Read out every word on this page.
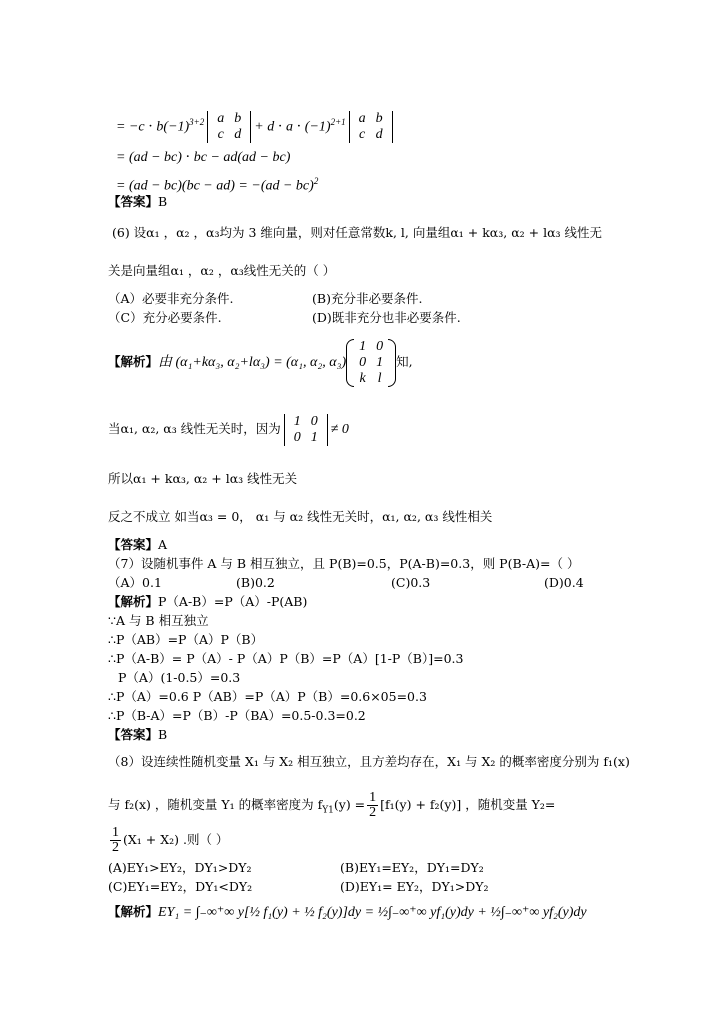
= $-c \cdot b(-1)^{3+2}$ a	b
c	d
+ $d \cdot a \cdot (-1)^{2+1}$ a	b
c	d
= (ad − bc) ⋅ bc − ad(ad − bc)
= (ad − bc)(bc − ad) = −(ad − bc)$^2$
【答案】B
(6) 设α₁ ，α₂ ，α₃均为 3 维向量，则对任意常数k, l, 向量组α₁ + kα₃, α₂ + lα₃ 线性无
关是向量组α₁ ，α₂ ，α₃线性无关的（ ）
（A）必要非充分条件.	(B)充分非必要条件.
（C）充分必要条件.	(D)既非充分也非必要条件.
【解析】由 (α₁+kα₃, α₂+lα₃) = (α₁, α₂, α₃)
1	0
0	1
k	l
知,
当α₁, α₂, α₃ 线性无关时，因为 1	0
0	1 ≠ 0
所以α₁ + kα₃, α₂ + lα₃ 线性无关
反之不成立 如当α₃ = 0， α₁ 与 α₂ 线性无关时，α₁, α₂, α₃ 线性相关
【答案】A
（7）设随机事件 A 与 B 相互独立，且 P(B)=0.5，P(A-B)=0.3，则 P(B-A)=（ ）
（A）0.1	(B)0.2	(C)0.3	(D)0.4
【解析】P（A-B）=P（A）-P(AB)
∵A 与 B 相互独立
∴P（AB）=P（A）P（B）
∴P（A-B）= P（A）- P（A）P（B）=P（A）[1-P（B）]=0.3
P（A）(1-0.5）=0.3
∴P（A）=0.6 P（AB）=P（A）P（B）=0.6×05=0.3
∴P（B-A）=P（B）-P（BA）=0.5-0.3=0.2
【答案】B
（8）设连续性随机变量 X₁ 与 X₂ 相互独立，且方差均存在，X₁ 与 X₂ 的概率密度分别为 f₁(x)
与 f₂(x) ，随机变量 Y₁ 的概率密度为 $f_{Y1}(y) = \frac{1}{2} [f_1(y) + f_2(y)]$ ，随机变量 Y₂=
$\frac{1}{2} (X_1 + X_2)$ .则（ ）
(A)EY₁>EY₂，DY₁>DY₂	(B)EY₁=EY₂，DY₁=DY₂
(C)EY₁=EY₂，DY₁<DY₂	(D)EY₁= EY₂，DY₁>DY₂
【解析】EY₁ = ∫₋∞⁺∞ y[½ f₁(y) + ½ f₂(y)]dy = ½∫₋∞⁺∞ yf₁(y)dy + ½∫₋∞⁺∞ yf₂(y)dy
